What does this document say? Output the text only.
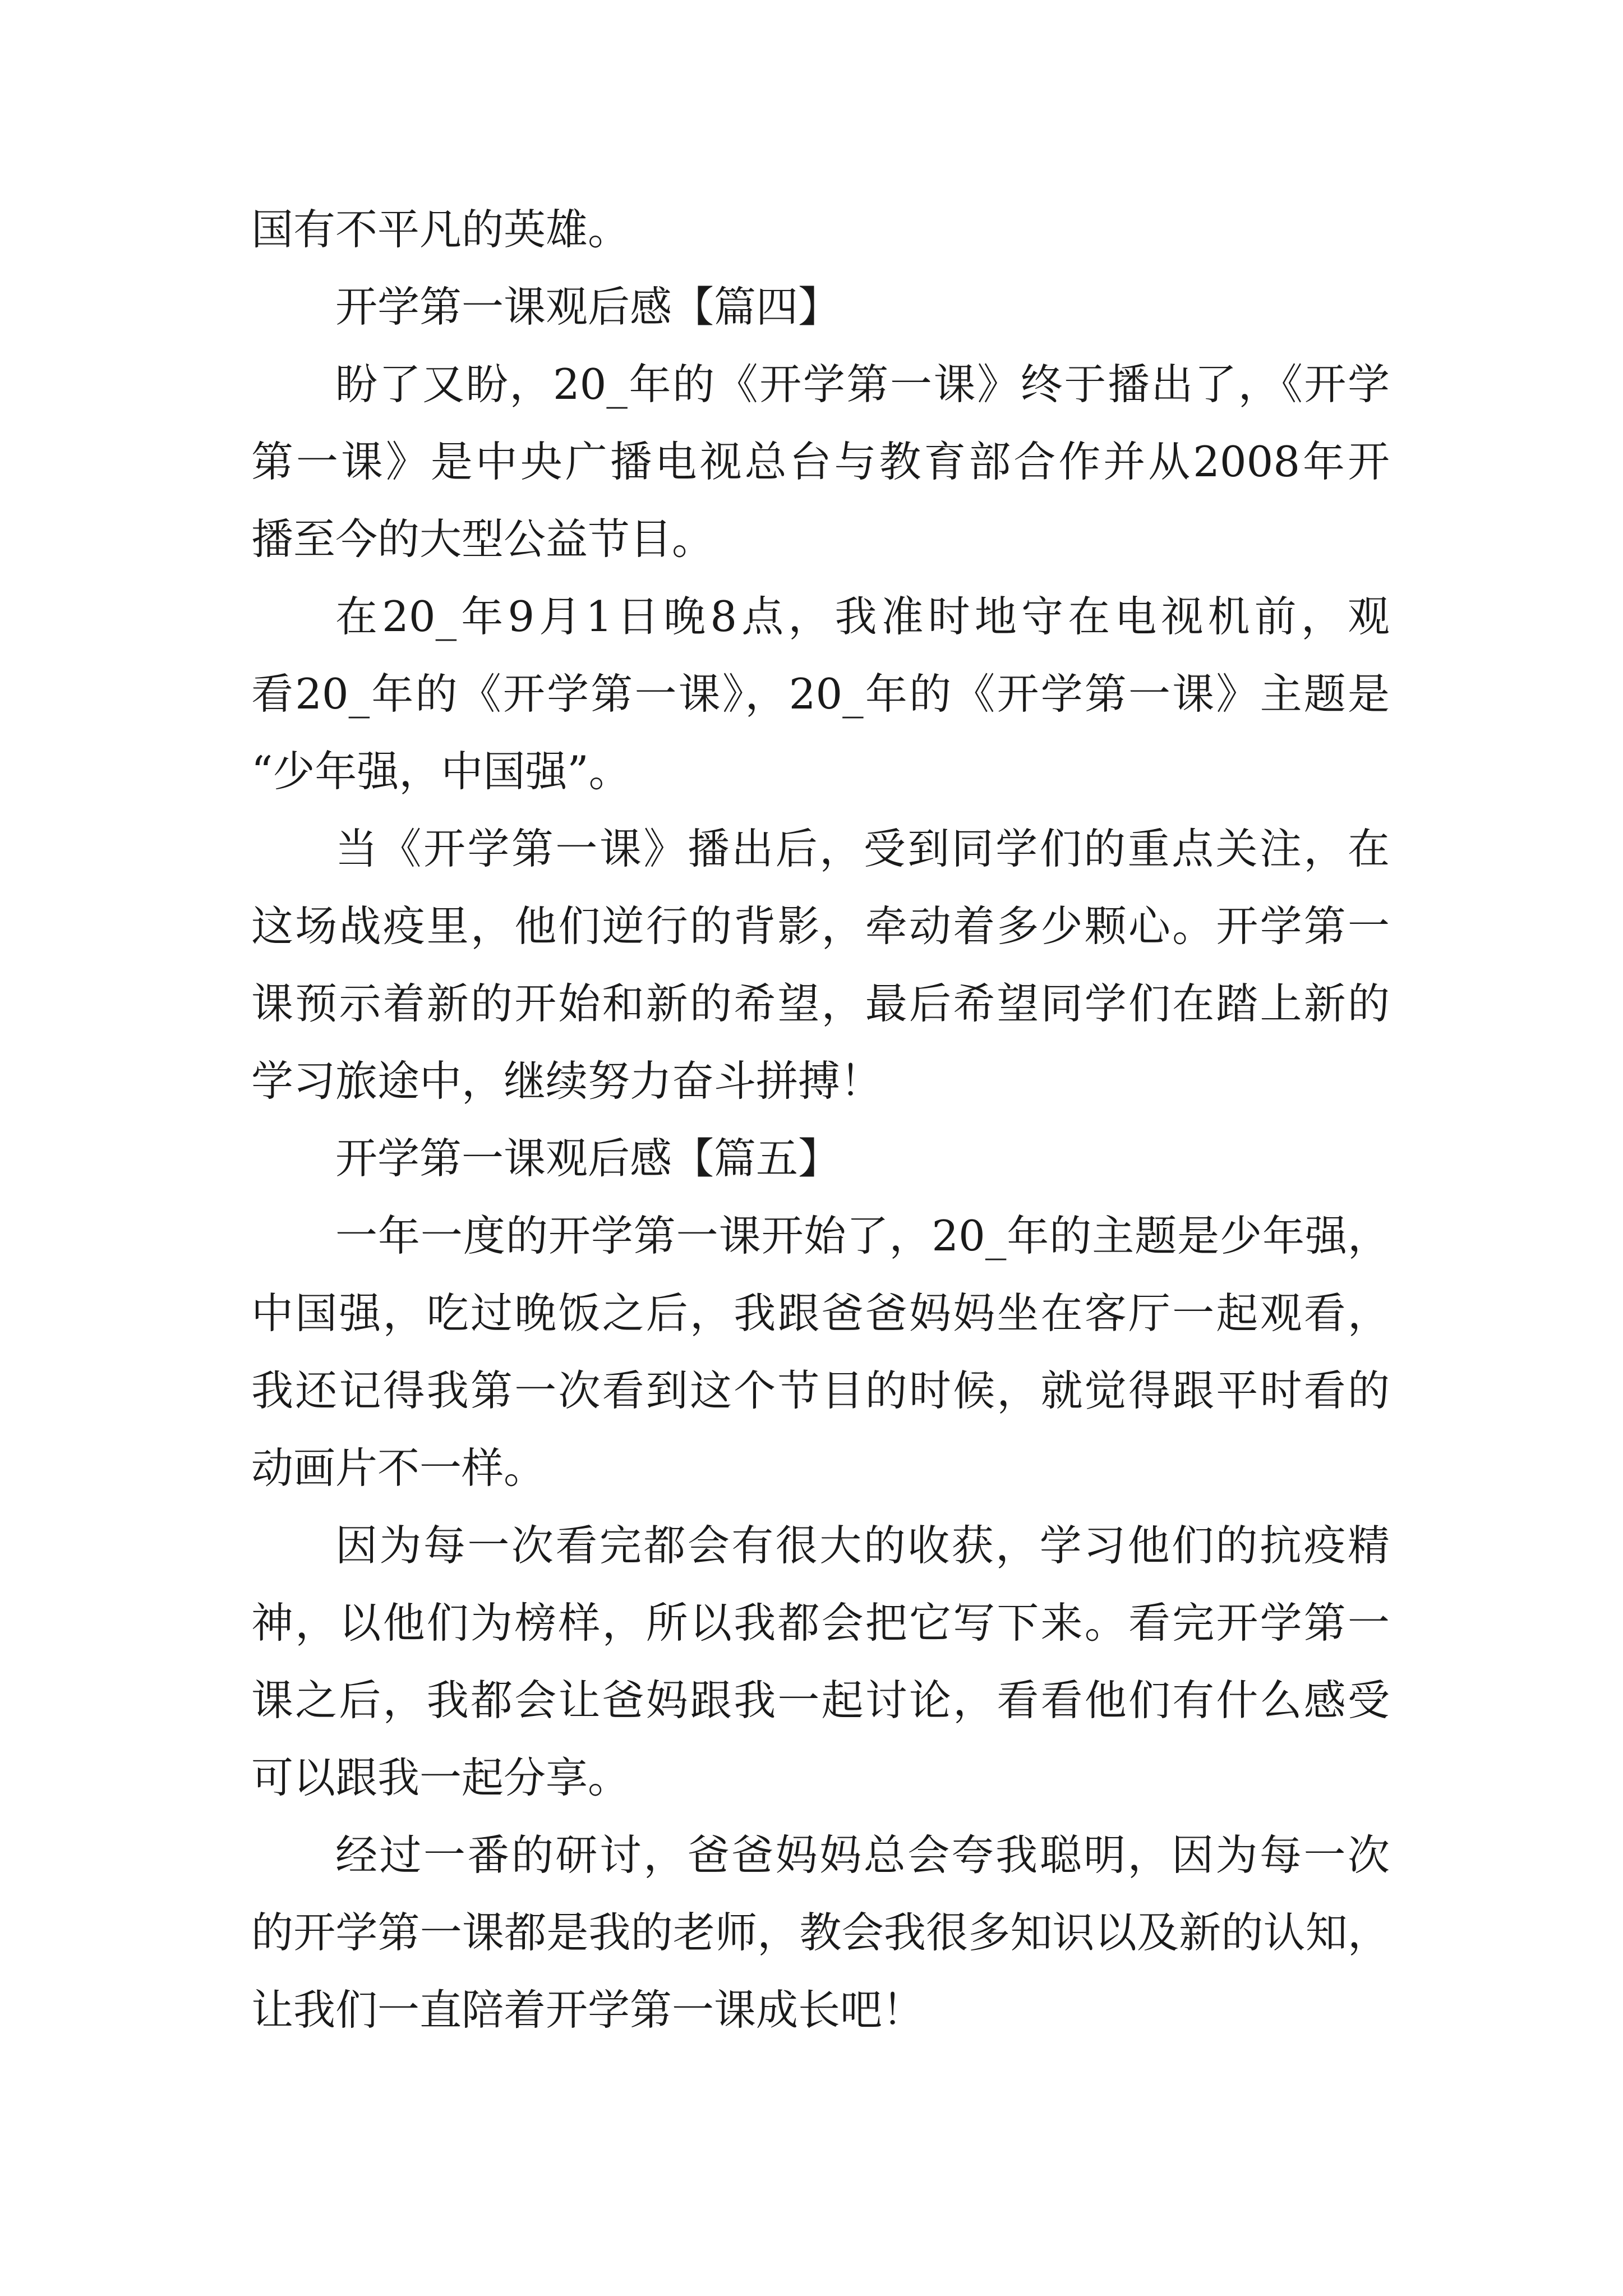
国有不平凡的英雄。
开学第一课观后感【篇四】
盼了又盼，20_年的《开学第一课》终于播出了，《开学
第一课》是中央广播电视总台与教育部合作并从2008年开
播至今的大型公益节目。
在20_年9月1日晚8点，我准时地守在电视机前，观
看20_年的《开学第一课》，20_年的《开学第一课》主题是
“少年强，中国强”。
当《开学第一课》播出后，受到同学们的重点关注，在
这场战疫里，他们逆行的背影，牵动着多少颗心。开学第一
课预示着新的开始和新的希望，最后希望同学们在踏上新的
学习旅途中，继续努力奋斗拼搏！
开学第一课观后感【篇五】
一年一度的开学第一课开始了，20_年的主题是少年强，
中国强，吃过晚饭之后，我跟爸爸妈妈坐在客厅一起观看，
我还记得我第一次看到这个节目的时候，就觉得跟平时看的
动画片不一样。
因为每一次看完都会有很大的收获，学习他们的抗疫精
神，以他们为榜样，所以我都会把它写下来。看完开学第一
课之后，我都会让爸妈跟我一起讨论，看看他们有什么感受
可以跟我一起分享。
经过一番的研讨，爸爸妈妈总会夸我聪明，因为每一次
的开学第一课都是我的老师，教会我很多知识以及新的认知，
让我们一直陪着开学第一课成长吧！
